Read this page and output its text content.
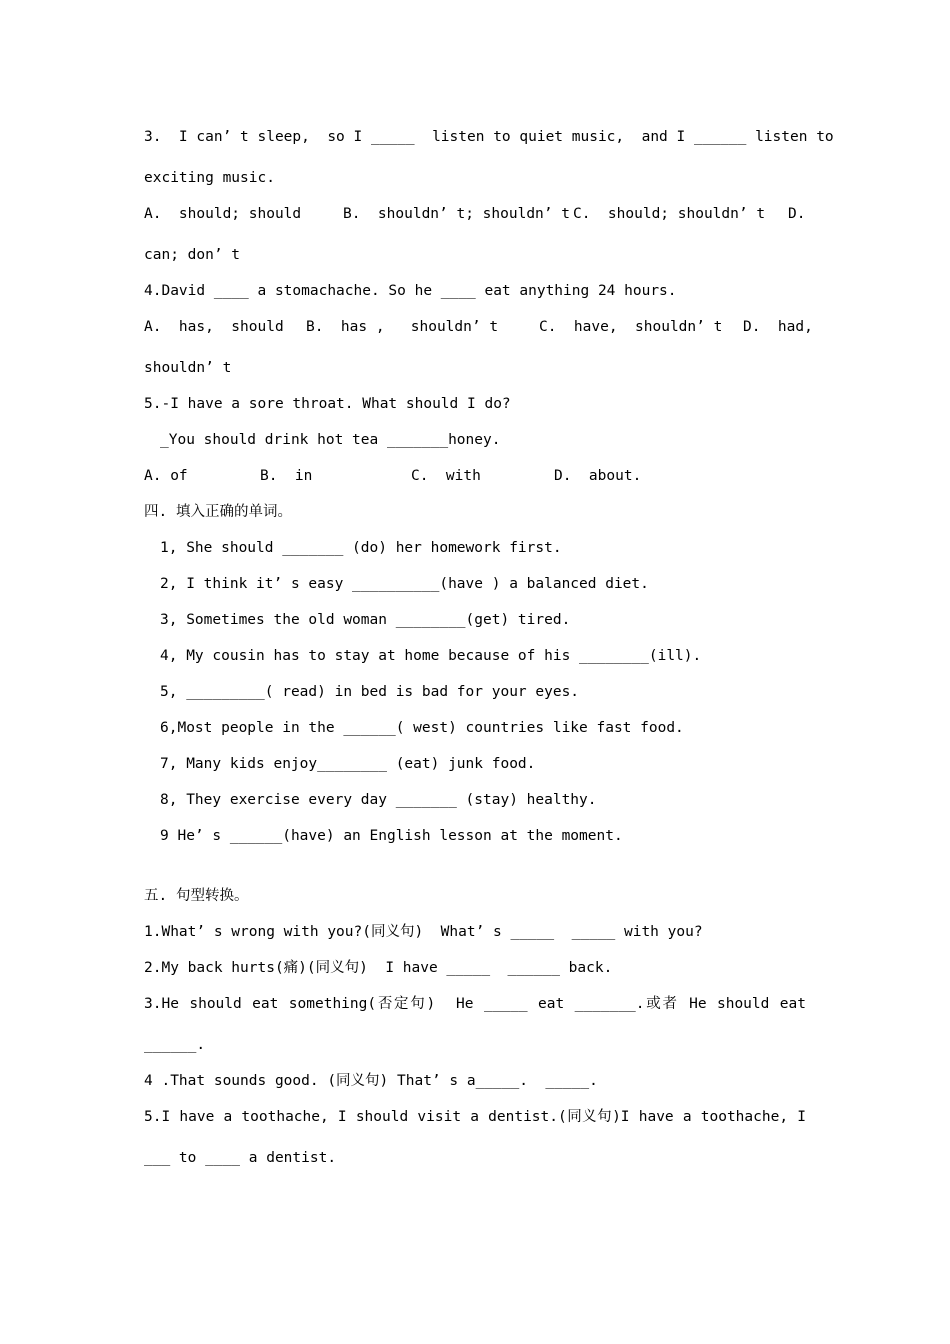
3.  I can’ t sleep,  so I _____  listen to quiet music,  and I ______ listen to
exciting music.
A.  should; should	B.  shouldn’ t; shouldn’ t C.  should; shouldn’ t D.
can; don’ t
4.David ____ a stomachache. So he ____ eat anything 24 hours.
A.  has,  should B.  has ,   shouldn’ t	C.  have,  shouldn’ t D.  had,
shouldn’ t
5.-I have a sore throat. What should I do?
_You should drink hot tea _______honey.
A. of	B.  in	C.  with	D.  about.
四. 填入正确的单词。
1, She should _______ (do) her homework first.
2, I think it’ s easy __________(have ) a balanced diet.
3, Sometimes the old woman ________(get) tired.
4, My cousin has to stay at home because of his ________(ill).
5, _________( read) in bed is bad for your eyes.
6,Most people in the ______( west) countries like fast food.
7, Many kids enjoy________ (eat) junk food.
8, They exercise every day _______ (stay) healthy.
9 He’ s ______(have) an English lesson at the moment.
五. 句型转换。
1.What’ s wrong with you?(同义句)  What’ s _____  _____ with you?
2.My back hurts(痛)(同义句)  I have _____  ______ back.
3.He should eat something(否定句)  He _____ eat _______.或者 He should eat
______.
4 .That sounds good. (同义句) That’ s a_____.  _____.
5.I have a toothache, I should visit a dentist.(同义句)I have a toothache, I
___ to ____ a dentist.
